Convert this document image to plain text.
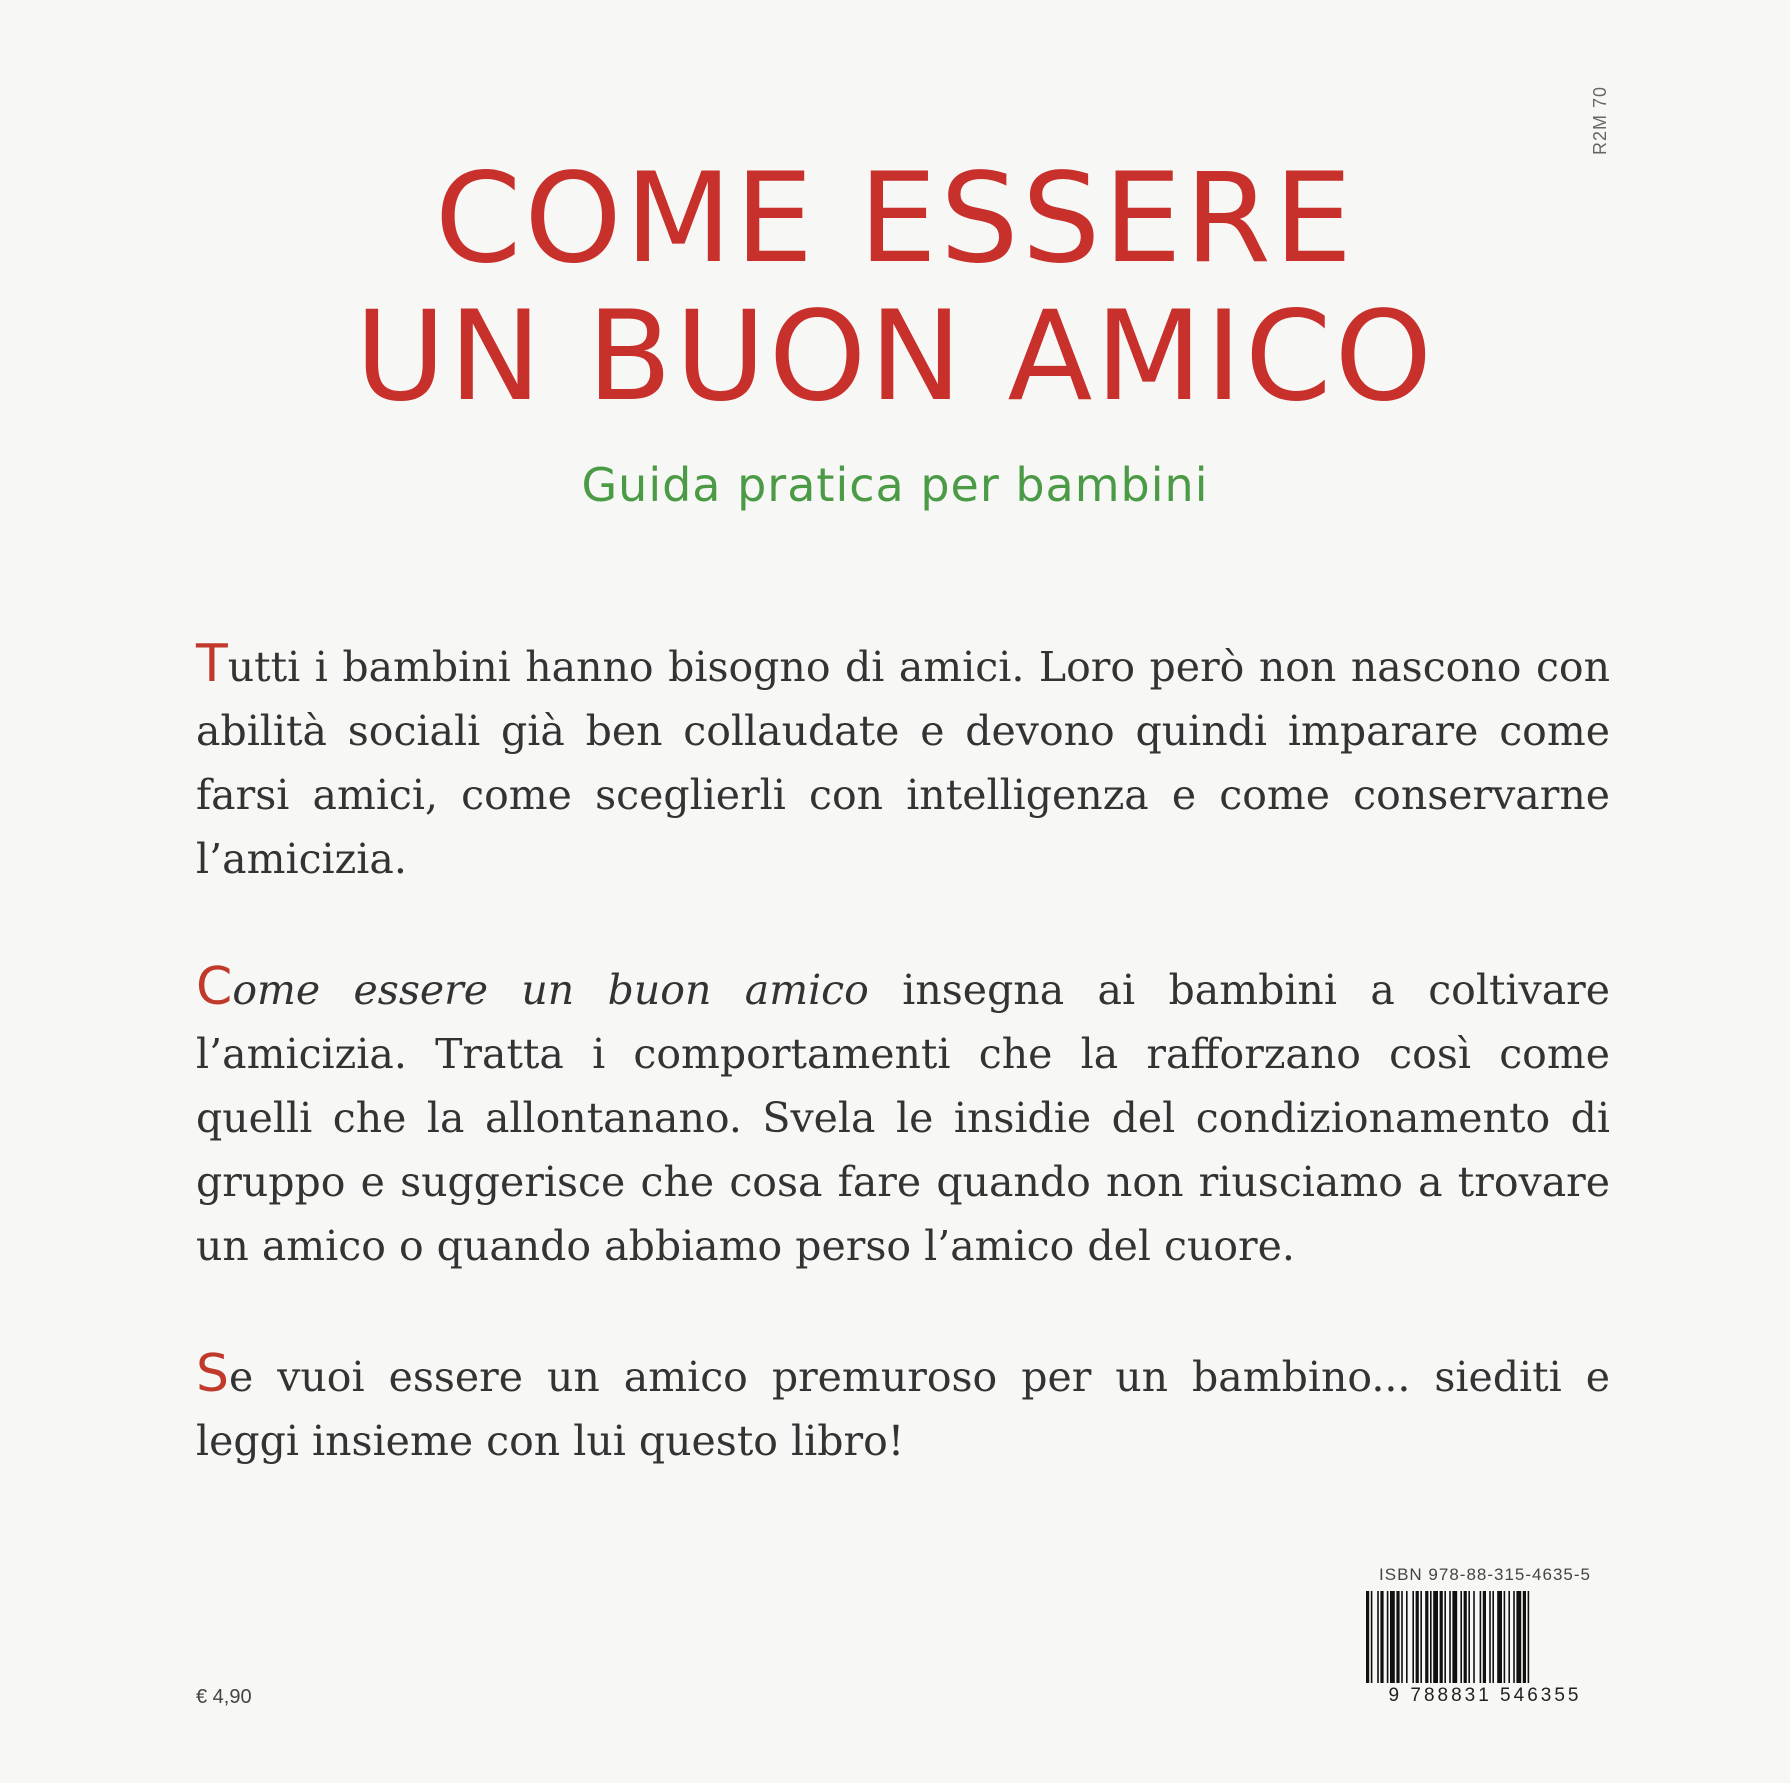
R2M 70
COME ESSERE
UN BUON AMICO
Guida pratica per bambini

Tutti i bambini hanno bisogno di amici. Loro però non nascono con abilità sociali già ben collaudate e devono quindi imparare come farsi amici, come sceglierli con intelligenza e come conservarne l’amicizia.

Come essere un buon amico insegna ai bambini a coltivare l’amicizia. Tratta i comportamenti che la rafforzano così come quelli che la allontanano. Svela le insidie del condizionamento di gruppo e suggerisce che cosa fare quando non riusciamo a trovare un amico o quando abbiamo perso l’amico del cuore.

Se vuoi essere un amico premuroso per un bambino... siediti e leggi insieme con lui questo libro!

ISBN 978-88-315-4635-5
9 788831 546355
€ 4,90
